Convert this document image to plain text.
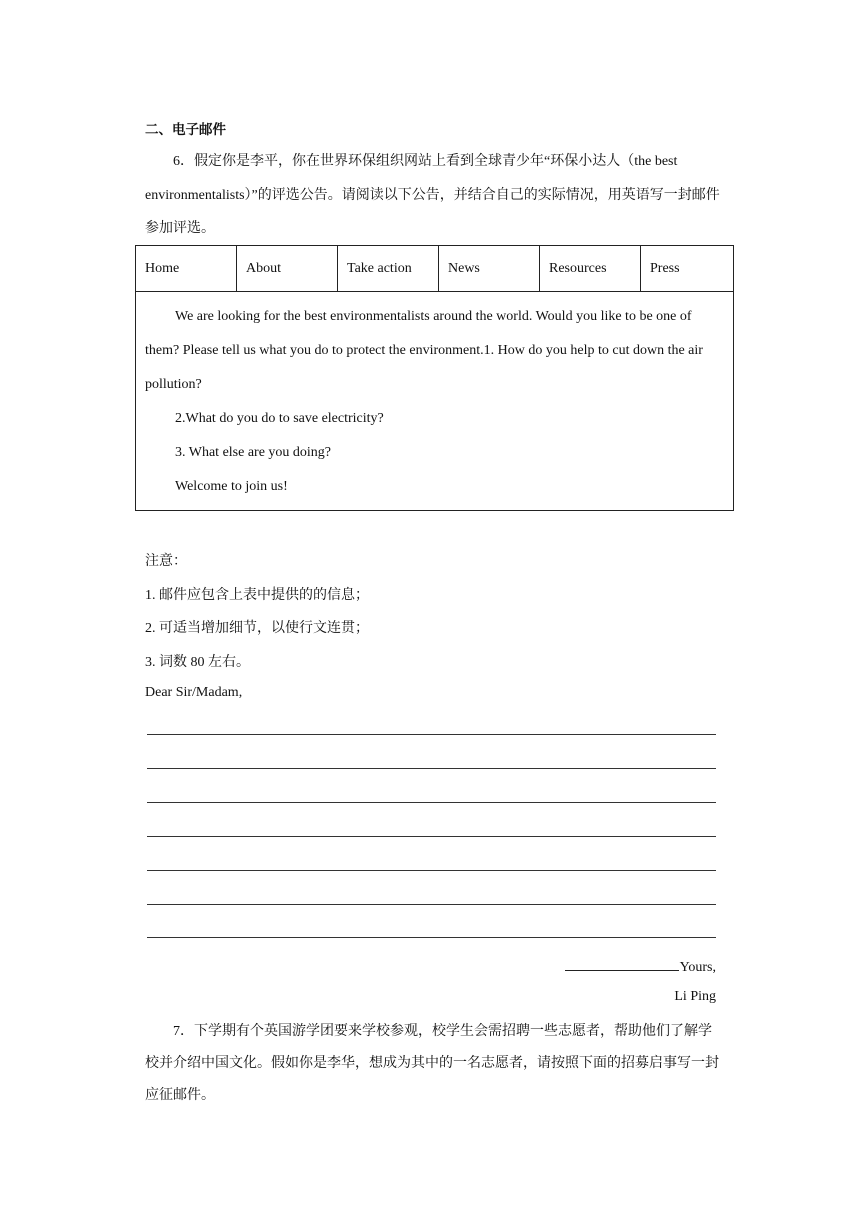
二、电子邮件
6．假定你是李平，你在世界环保组织网站上看到全球青少年“环保小达人（the best environmentalists）”的评选公告。请阅读以下公告，并结合自己的实际情况，用英语写一封邮件参加评选。
Home	About	Take action	News	Resources	Press

We are looking for the best environmentalists around the world. Would you like to be one of them? Please tell us what you do to protect the environment.1. How do you help to cut down the air pollution?
2.What do you do to save electricity?
3. What else are you doing?
Welcome to join us!
注意：
1. 邮件应包含上表中提供的的信息；
2. 可适当增加细节，以使行文连贯；
3. 词数 80 左右。
Dear Sir/Madam,
Yours,
Li Ping
7．下学期有个英国游学团要来学校参观，校学生会需招聘一些志愿者，帮助他们了解学校并介绍中国文化。假如你是李华，想成为其中的一名志愿者，请按照下面的招募启事写一封应征邮件。
